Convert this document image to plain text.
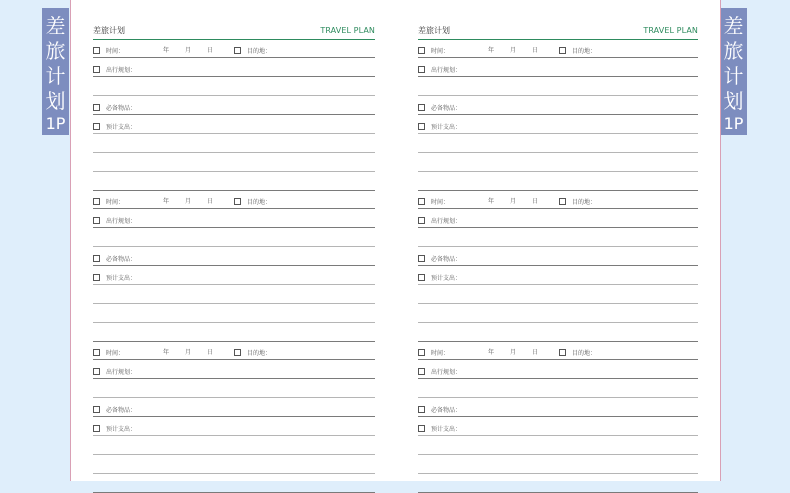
差
旅
计
划
1P
差
旅
计
划
1P
差旅计划	TRAVEL PLAN
时间：	年	月	日	目的地：
出行规划：
必备物品：
预计支出：
时间：	年	月	日	目的地：
出行规划：
必备物品：
预计支出：
时间：	年	月	日	目的地：
出行规划：
必备物品：
预计支出：
差旅计划	TRAVEL PLAN
时间：	年	月	日	目的地：
出行规划：
必备物品：
预计支出：
时间：	年	月	日	目的地：
出行规划：
必备物品：
预计支出：
时间：	年	月	日	目的地：
出行规划：
必备物品：
预计支出：
